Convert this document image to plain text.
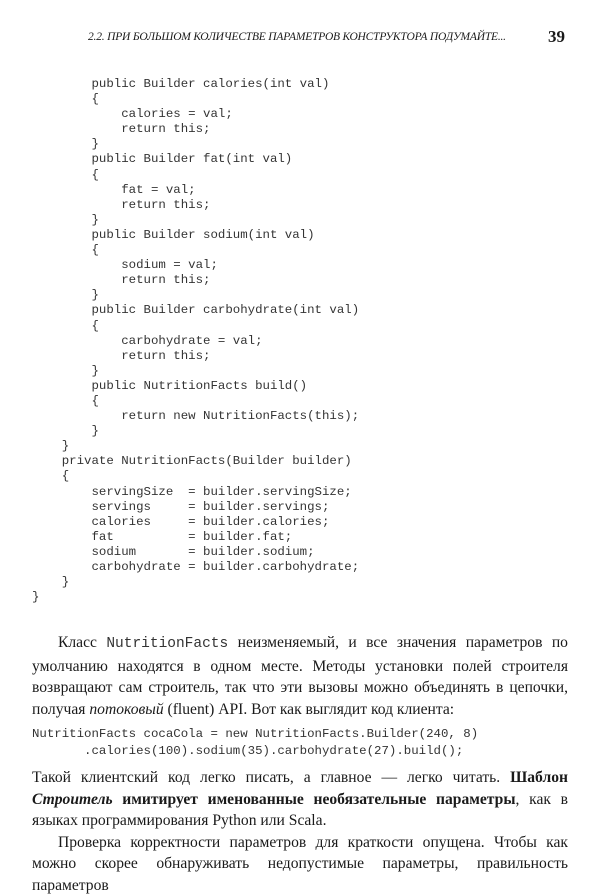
2.2. ПРИ БОЛЬШОМ КОЛИЧЕСТВЕ ПАРАМЕТРОВ КОНСТРУКТОРА ПОДУМАЙТЕ...	39
public Builder calories(int val)
{
calories = val;
return this;
}
public Builder fat(int val)
{
fat = val;
return this;
}
public Builder sodium(int val)
{
sodium = val;
return this;
}
public Builder carbohydrate(int val)
{
carbohydrate = val;
return this;
}
public NutritionFacts build()
{
return new NutritionFacts(this);
}
}
private NutritionFacts(Builder builder)
{
servingSize  = builder.servingSize;
servings     = builder.servings;
calories     = builder.calories;
fat          = builder.fat;
sodium       = builder.sodium;
carbohydrate = builder.carbohydrate;
}
}

Класс NutritionFacts неизменяемый, и все значения параметров по умолчанию находятся в одном месте. Методы установки полей строителя возвращают сам строитель, так что эти вызовы можно объединять в цепочки, получая потоковый (fluent) API. Вот как выглядит код клиента:

NutritionFacts cocaCola = new NutritionFacts.Builder(240, 8)
.calories(100).sodium(35).carbohydrate(27).build();

Такой клиентский код легко писать, а главное — легко читать. Шаблон Строитель имитирует именованные необязательные параметры, как в языках программирования Python или Scala.

Проверка корректности параметров для краткости опущена. Чтобы как можно скорее обнаруживать недопустимые параметры, правильность параметров
